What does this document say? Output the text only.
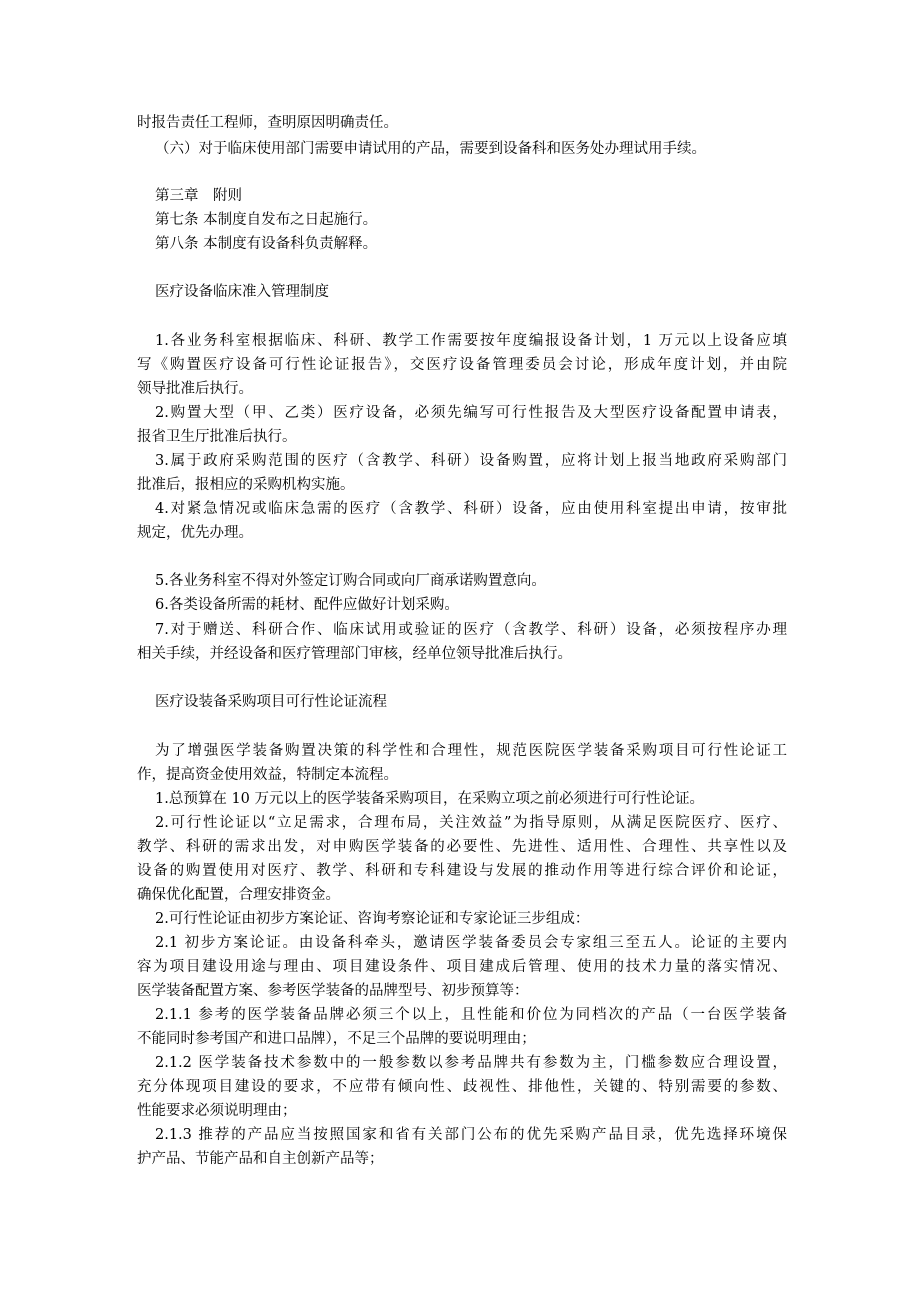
时报告责任工程师，查明原因明确责任。
（六）对于临床使用部门需要申请试用的产品，需要到设备科和医务处办理试用手续。
第三章　附则
第七条 本制度自发布之日起施行。
第八条 本制度有设备科负责解释。
医疗设备临床准入管理制度
1.各业务科室根据临床、科研、教学工作需要按年度编报设备计划，1 万元以上设备应填
写《购置医疗设备可行性论证报告》，交医疗设备管理委员会讨论，形成年度计划，并由院
领导批准后执行。
2.购置大型（甲、乙类）医疗设备，必须先编写可行性报告及大型医疗设备配置申请表，
报省卫生厅批准后执行。
3.属于政府采购范围的医疗（含教学、科研）设备购置，应将计划上报当地政府采购部门
批准后，报相应的采购机构实施。
4.对紧急情况或临床急需的医疗（含教学、科研）设备，应由使用科室提出申请，按审批
规定，优先办理。
5.各业务科室不得对外签定订购合同或向厂商承诺购置意向。
6.各类设备所需的耗材、配件应做好计划采购。
7.对于赠送、科研合作、临床试用或验证的医疗（含教学、科研）设备，必须按程序办理
相关手续，并经设备和医疗管理部门审核，经单位领导批准后执行。
医疗设装备采购项目可行性论证流程
为了增强医学装备购置决策的科学性和合理性，规范医院医学装备采购项目可行性论证工
作，提高资金使用效益，特制定本流程。
1.总预算在 10 万元以上的医学装备采购项目，在采购立项之前必须进行可行性论证。
2.可行性论证以“立足需求，合理布局，关注效益”为指导原则，从满足医院医疗、医疗、
教学、科研的需求出发，对申购医学装备的必要性、先进性、适用性、合理性、共享性以及
设备的购置使用对医疗、教学、科研和专科建设与发展的推动作用等进行综合评价和论证，
确保优化配置，合理安排资金。
2.可行性论证由初步方案论证、咨询考察论证和专家论证三步组成：
2.1 初步方案论证。由设备科牵头，邀请医学装备委员会专家组三至五人。论证的主要内
容为项目建设用途与理由、项目建设条件、项目建成后管理、使用的技术力量的落实情况、
医学装备配置方案、参考医学装备的品牌型号、初步预算等：
2.1.1 参考的医学装备品牌必须三个以上，且性能和价位为同档次的产品（一台医学装备
不能同时参考国产和进口品牌），不足三个品牌的要说明理由；
2.1.2 医学装备技术参数中的一般参数以参考品牌共有参数为主，门槛参数应合理设置，
充分体现项目建设的要求，不应带有倾向性、歧视性、排他性，关键的、特别需要的参数、
性能要求必须说明理由；
2.1.3 推荐的产品应当按照国家和省有关部门公布的优先采购产品目录，优先选择环境保
护产品、节能产品和自主创新产品等；
